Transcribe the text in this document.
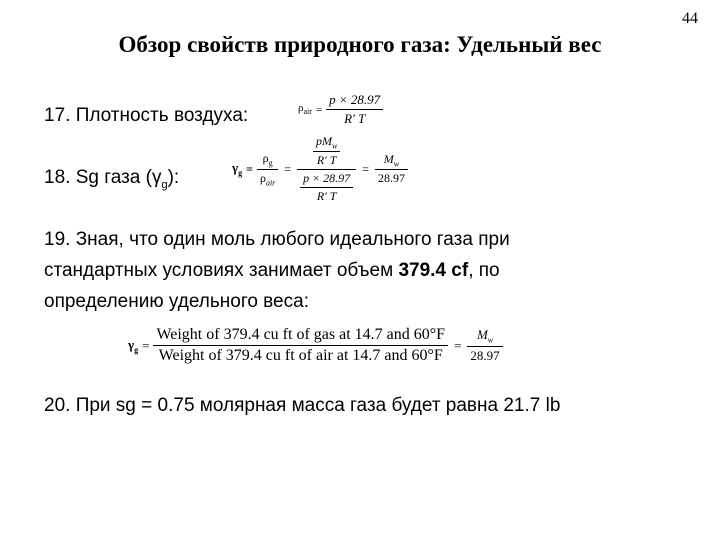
44
Обзор свойств природного газа: Удельный вес
17. Плотность воздуха:	$\rho_{air} = \frac{p \times 28.97}{R' T}$
18. Sg газа $(\gamma_g)$:	$\gamma_g = \frac{\rho_g}{\rho_{air}} = \frac{\frac{pM_w}{R' T}}{\frac{p \times 28.97}{R' T}} = \frac{M_w}{28.97}$
19. Зная, что один моль любого идеального газа при
стандартных условиях занимает объем 379.4 cf, по
определению удельного веса:
$\gamma_g = \frac{\text{Weight of 379.4 cu ft of gas at 14.7 and 60°F}}{\text{Weight of 379.4 cu ft of air at 14.7 and 60°F}} = \frac{M_w}{28.97}$
20. При sg = 0.75 молярная масса газа будет равна 21.7 lb
